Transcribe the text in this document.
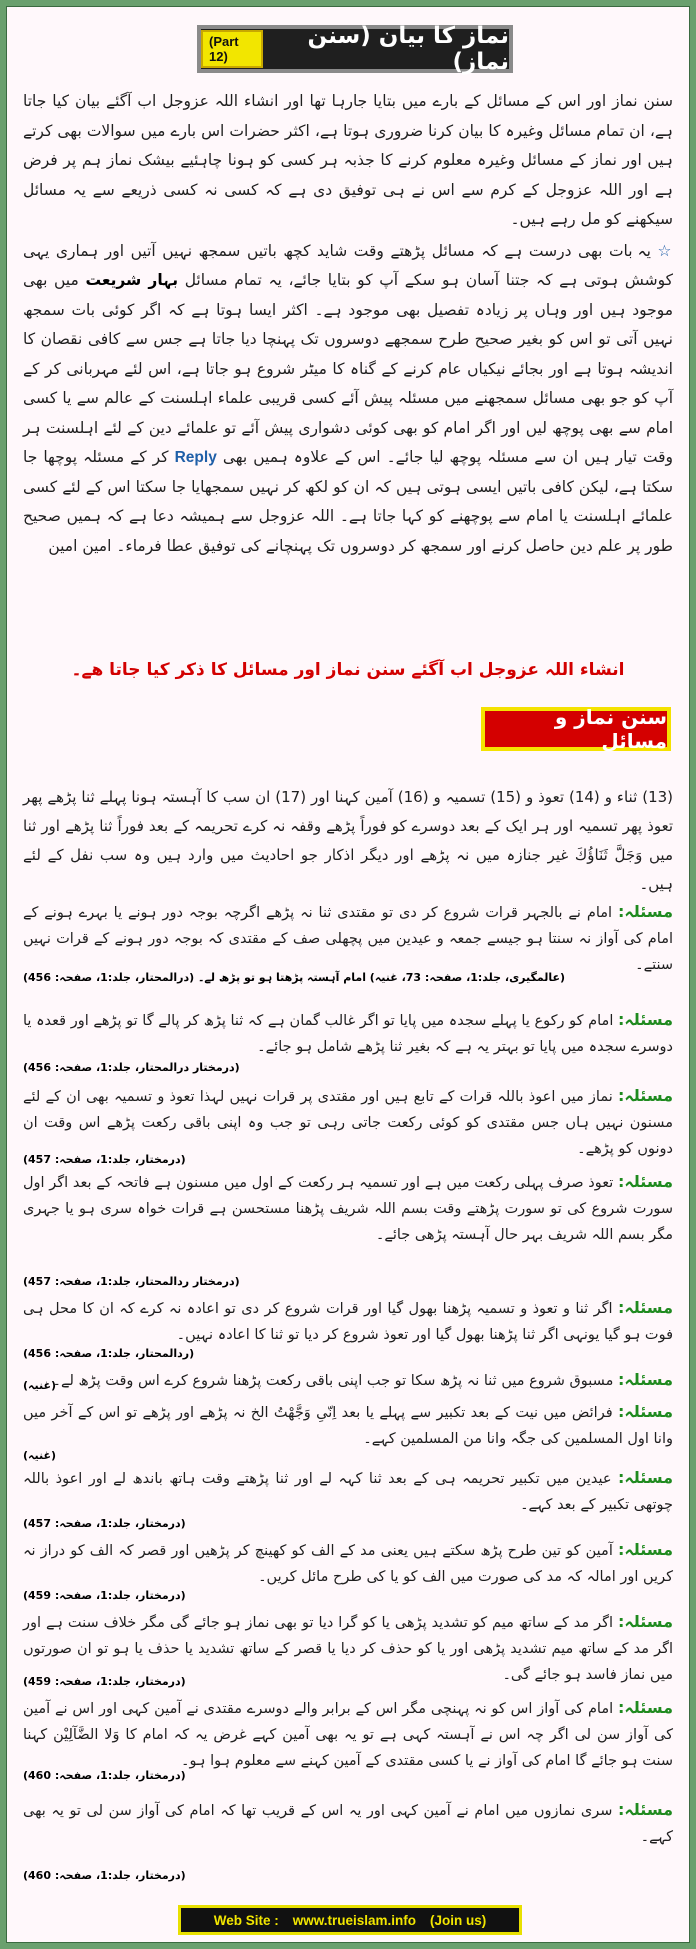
(Part 12)
نماز کا بیان (سنن نماز)

سنن نماز اور اس کے مسائل کے بارے میں بتایا جارہا تھا اور انشاء اللہ عزوجل اب آگئے بیان کیا جاتا ہے، ان تمام مسائل وغیرہ کا بیان کرنا ضروری ہوتا ہے، اکثر حضرات اس بارے میں سوالات بھی کرتے ہیں اور نماز کے مسائل وغیرہ معلوم کرنے کا جذبہ ہر کسی کو ہونا چاہئیے بیشک نماز ہم پر فرض ہے اور اللہ عزوجل کے کرم سے اس نے ہی توفیق دی ہے کہ کسی نہ کسی ذریعے سے یہ مسائل سیکھنے کو مل رہے ہیں۔

☆ یہ بات بھی درست ہے کہ مسائل پڑھتے وقت شاید کچھ باتیں سمجھ نہیں آتیں اور ہماری یہی کوشش ہوتی ہے کہ جتنا آسان ہو سکے آپ کو بتایا جائے، یہ تمام مسائل بہار شریعت میں بھی موجود ہیں اور وہاں پر زیادہ تفصیل بھی موجود ہے۔ اکثر ایسا ہوتا ہے کہ اگر کوئی بات سمجھ نہیں آتی تو اس کو بغیر صحیح طرح سمجھے دوسروں تک پہنچا دیا جاتا ہے جس سے کافی نقصان کا اندیشہ ہوتا ہے اور بجائے نیکیاں عام کرنے کے گناہ کا میٹر شروع ہو جاتا ہے، اس لئے مہربانی کر کے آپ کو جو بھی مسائل سمجھنے میں مسئلہ پیش آئے کسی قریبی علماء اہلسنت کے عالم سے یا کسی امام سے بھی پوچھ لیں اور اگر امام کو بھی کوئی دشواری پیش آئے تو علمائے دین کے لئے اہلسنت ہر وقت تیار ہیں ان سے مسئلہ پوچھ لیا جائے۔ اس کے علاوہ ہمیں بھی Reply کر کے مسئلہ پوچھا جا سکتا ہے، لیکن کافی باتیں ایسی ہوتی ہیں کہ ان کو لکھ کر نہیں سمجھایا جا سکتا اس کے لئے کسی علمائے اہلسنت یا امام سے پوچھنے کو کہا جاتا ہے۔ اللہ عزوجل سے ہمیشہ دعا ہے کہ ہمیں صحیح طور پر علم دین حاصل کرنے اور سمجھ کر دوسروں تک پہنچانے کی توفیق عطا فرماء۔ امین امین

انشاء اللہ عزوجل اب آگئے سنن نماز اور مسائل کا ذکر کیا جاتا ھے۔
سنن نماز و مسائل
(13) ثناء و (14) تعوذ و (15) تسمیہ و (16) آمین کہنا اور (17) ان سب کا آہستہ ہونا پہلے ثنا پڑھے پھر تعوذ پھر تسمیہ اور ہر ایک کے بعد دوسرے کو فوراً پڑھے وقفہ نہ کرے تحریمہ کے بعد فوراً ثنا پڑھے اور ثنا میں وَجَلَّ ثَنَاؤُكَ غیر جنازہ میں نہ پڑھے اور دیگر اذکار جو احادیث میں وارد ہیں وہ سب نفل کے لئے ہیں۔
مسئلہ: امام نے بالجہر قرات شروع کر دی تو مقتدی ثنا نہ پڑھے اگرچہ بوجہ دور ہونے یا بہرے ہونے کے امام کی آواز نہ سنتا ہو جیسے جمعہ و عیدین میں پچھلی صف کے مقتدی کہ بوجہ دور ہونے کے قرات نہیں سنتے۔
(عالمگیری، جلد:1، صفحہ: 73، غنیہ) امام آہستہ پڑھتا ہو تو پڑھ لے۔ (درالمحتار، جلد:1، صفحہ: 456)
مسئلہ: امام کو رکوع یا پہلے سجدہ میں پایا تو اگر غالب گمان ہے کہ ثنا پڑھ کر پالے گا تو پڑھے اور قعدہ یا دوسرے سجدہ میں پایا تو بہتر یہ ہے کہ بغیر ثنا پڑھے شامل ہو جائے۔
(درمختار درالمحتار، جلد:1، صفحہ: 456)
مسئلہ: نماز میں اعوذ باللہ قرات کے تابع ہیں اور مقتدی پر قرات نہیں لہذا تعوذ و تسمیہ بھی ان کے لئے مسنون نہیں ہاں جس مقتدی کو کوئی رکعت جاتی رہی تو جب وہ اپنی باقی رکعت پڑھے اس وقت ان دونوں کو پڑھے۔
(درمختار، جلد:1، صفحہ: 457)
مسئلہ: تعوذ صرف پہلی رکعت میں ہے اور تسمیہ ہر رکعت کے اول میں مسنون ہے فاتحہ کے بعد اگر اول سورت شروع کی تو سورت پڑھتے وقت بسم اللہ شریف پڑھنا مستحسن ہے قرات خواہ سری ہو یا جہری مگر بسم اللہ شریف بہر حال آہستہ پڑھی جائے۔
(درمختار ردالمحتار، جلد:1، صفحہ: 457)
مسئلہ: اگر ثنا و تعوذ و تسمیہ پڑھنا بھول گیا اور قرات شروع کر دی تو اعادہ نہ کرے کہ ان کا محل ہی فوت ہو گیا یونہی اگر ثنا پڑھنا بھول گیا اور تعوذ شروع کر دیا تو ثنا کا اعادہ نہیں۔
(ردالمحتار، جلد:1، صفحہ: 456)
مسئلہ: مسبوق شروع میں ثنا نہ پڑھ سکا تو جب اپنی باقی رکعت پڑھنا شروع کرے اس وقت پڑھ لے۔
(غنیہ)
مسئلہ: فرائض میں نیت کے بعد تکبیر سے پہلے یا بعد اِنّیِ وَجَّھْتُ الخ نہ پڑھے اور پڑھے تو اس کے آخر میں وانا اول المسلمین کی جگہ وانا من المسلمین کہے۔
(غنیہ)
مسئلہ: عیدین میں تکبیر تحریمہ ہی کے بعد ثنا کہہ لے اور ثنا پڑھتے وقت ہاتھ باندھ لے اور اعوذ باللہ چوتھی تکبیر کے بعد کہے۔
(درمختار، جلد:1، صفحہ: 457)
مسئلہ: آمین کو تین طرح پڑھ سکتے ہیں یعنی مد کے الف کو کھینچ کر پڑھیں اور قصر کہ الف کو دراز نہ کریں اور امالہ کہ مد کی صورت میں الف کو یا کی طرح مائل کریں۔
(درمختار، جلد:1، صفحہ: 459)
مسئلہ: اگر مد کے ساتھ میم کو تشدید پڑھی یا کو گرا دیا تو بھی نماز ہو جائے گی مگر خلاف سنت ہے اور اگر مد کے ساتھ میم تشدید پڑھی اور یا کو حذف کر دیا یا قصر کے ساتھ تشدید یا حذف یا ہو تو ان صورتوں میں نماز فاسد ہو جائے گی۔
(درمختار، جلد:1، صفحہ: 459)
مسئلہ: امام کی آواز اس کو نہ پہنچی مگر اس کے برابر والے دوسرے مقتدی نے آمین کہی اور اس نے آمین کی آواز سن لی اگر چہ اس نے آہستہ کہی ہے تو یہ بھی آمین کہے غرض یہ کہ امام کا وَلا الضَّآلِیْن کہنا سنت ہو جائے گا امام کی آواز نے یا کسی مقتدی کے آمین کہنے سے معلوم ہوا ہو۔
(درمختار، جلد:1، صفحہ: 460)
مسئلہ: سری نمازوں میں امام نے آمین کہی اور یہ اس کے قریب تھا کہ امام کی آواز سن لی تو یہ بھی کہے۔
(درمختار، جلد:1، صفحہ: 460)
Web Site : www.trueislam.info (Join us)
